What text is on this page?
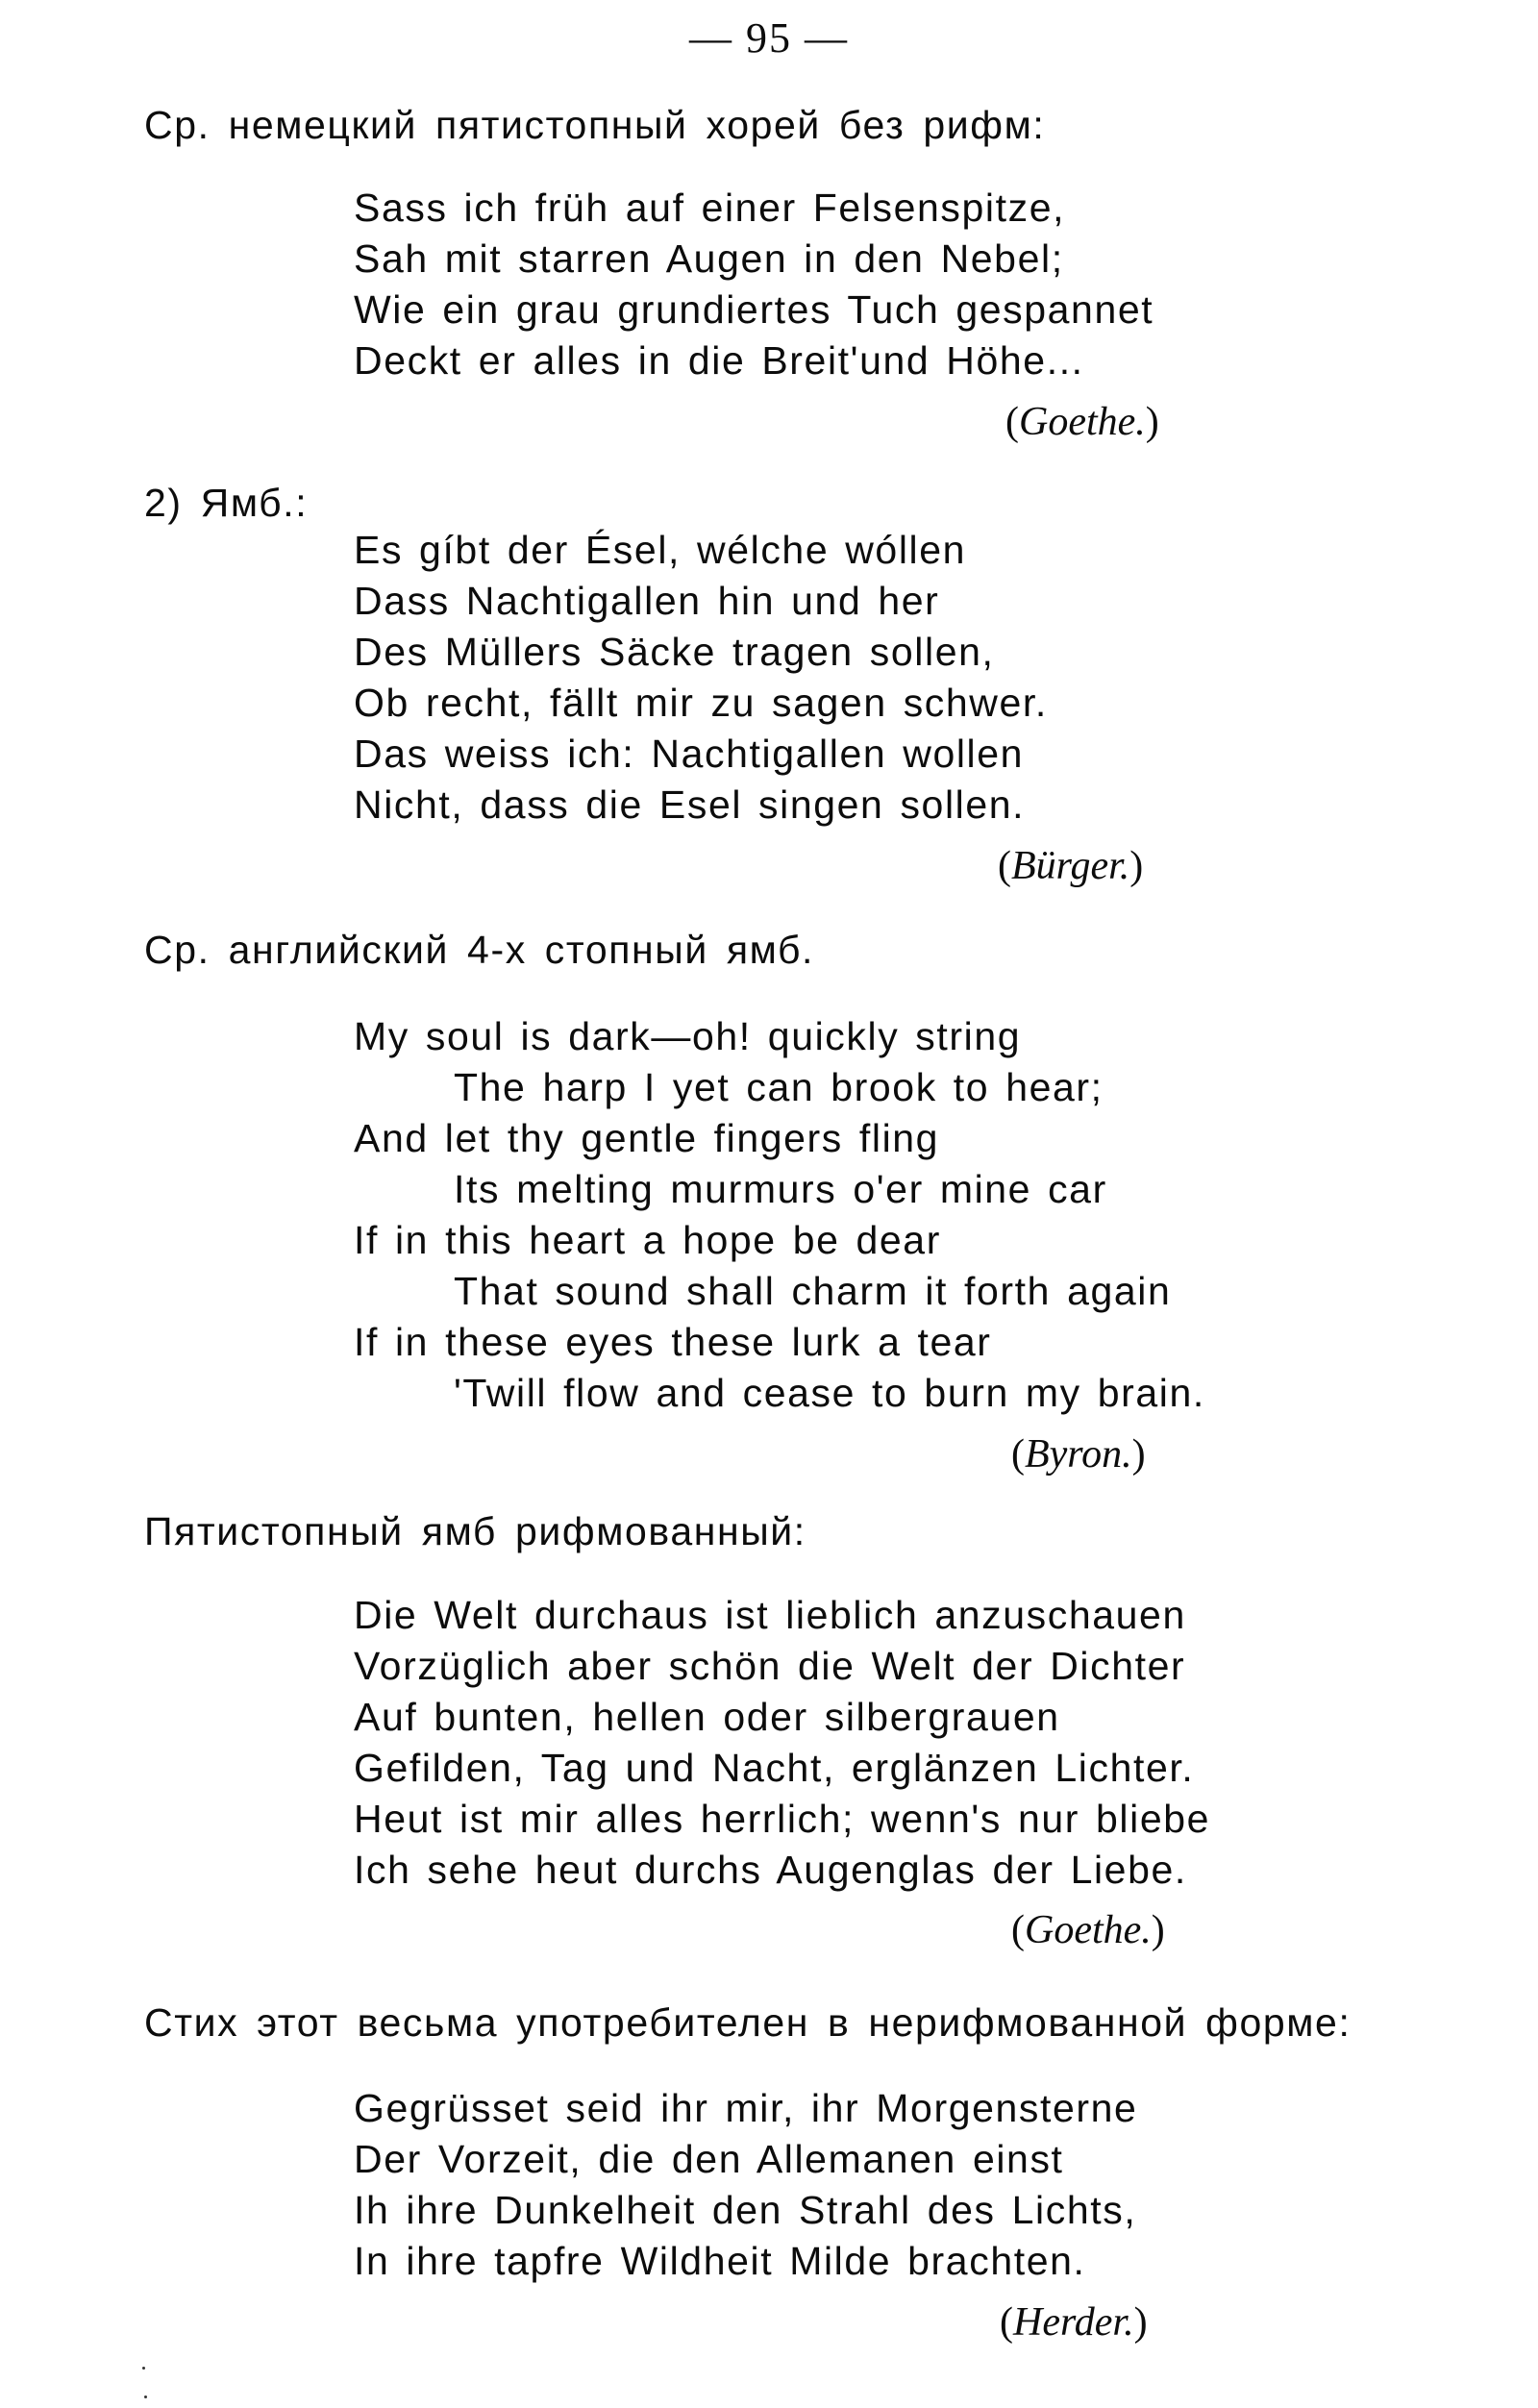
— 95 —
Ср. немецкий пятистопный хорей без рифм:
Sass ich früh auf einer Felsenspitze,
Sah mit starren Augen in den Nebel;
Wie ein grau grundiertes Tuch gespannet
Deckt er alles in die Breit'und Höhe...
(Goethe.)
2) Ямб.:
Es gíbt der Ésel, wélche wóllen
Dass Nachtigallen hin und her
Des Müllers Säcke tragen sollen,
Ob recht, fällt mir zu sagen schwer.
Das weiss ich: Nachtigallen wollen
Nicht, dass die Esel singen sollen.
(Bürger.)
Ср. английский 4-х стопный ямб.
My soul is dark—oh! quickly string
The harp I yet can brook to hear;
And let thy gentle fingers fling
Its melting murmurs o'er mine car
If in this heart a hope be dear
That sound shall charm it forth again
If in these eyes these lurk a tear
'Twill flow and cease to burn my brain.
(Byron.)
Пятистопный ямб рифмованный:
Die Welt durchaus ist lieblich anzuschauen
Vorzüglich aber schön die Welt der Dichter
Auf bunten, hellen oder silbergrauen
Gefilden, Tag und Nacht, erglänzen Lichter.
Heut ist mir alles herrlich; wenn's nur bliebe
Ich sehe heut durchs Augenglas der Liebe.
(Goethe.)
Стих этот весьма употребителен в нерифмованной форме:
Gegrüsset seid ihr mir, ihr Morgensterne
Der Vorzeit, die den Allemanen einst
Ih ihre Dunkelheit den Strahl des Lichts,
In ihre tapfre Wildheit Milde brachten.
(Herder.)
